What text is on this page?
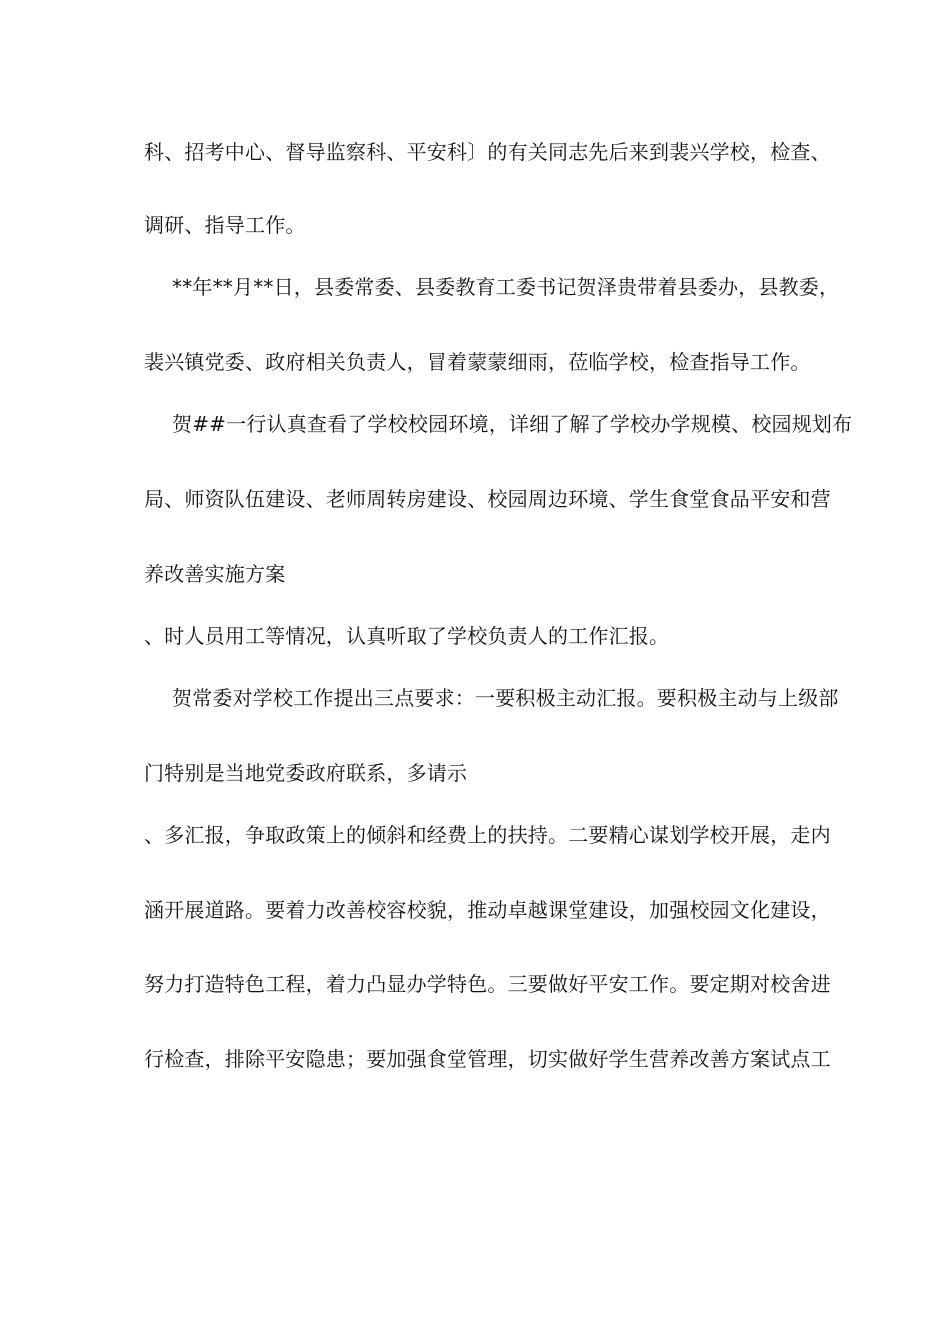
科、招考中心、督导监察科、平安科〕的有关同志先后来到裴兴学校，检查、
调研、指导工作。
**年**月**日，县委常委、县委教育工委书记贺泽贵带着县委办，县教委，
裴兴镇党委、政府相关负责人，冒着蒙蒙细雨，莅临学校，检查指导工作。
贺##一行认真查看了学校校园环境，详细了解了学校办学规模、校园规划布
局、师资队伍建设、老师周转房建设、校园周边环境、学生食堂食品平安和营
养改善实施方案
、时人员用工等情况，认真听取了学校负责人的工作汇报。
贺常委对学校工作提出三点要求：一要积极主动汇报。要积极主动与上级部
门特别是当地党委政府联系，多请示
、多汇报，争取政策上的倾斜和经费上的扶持。二要精心谋划学校开展，走内
涵开展道路。要着力改善校容校貌，推动卓越课堂建设，加强校园文化建设，
努力打造特色工程，着力凸显办学特色。三要做好平安工作。要定期对校舍进
行检查，排除平安隐患；要加强食堂管理，切实做好学生营养改善方案试点工
